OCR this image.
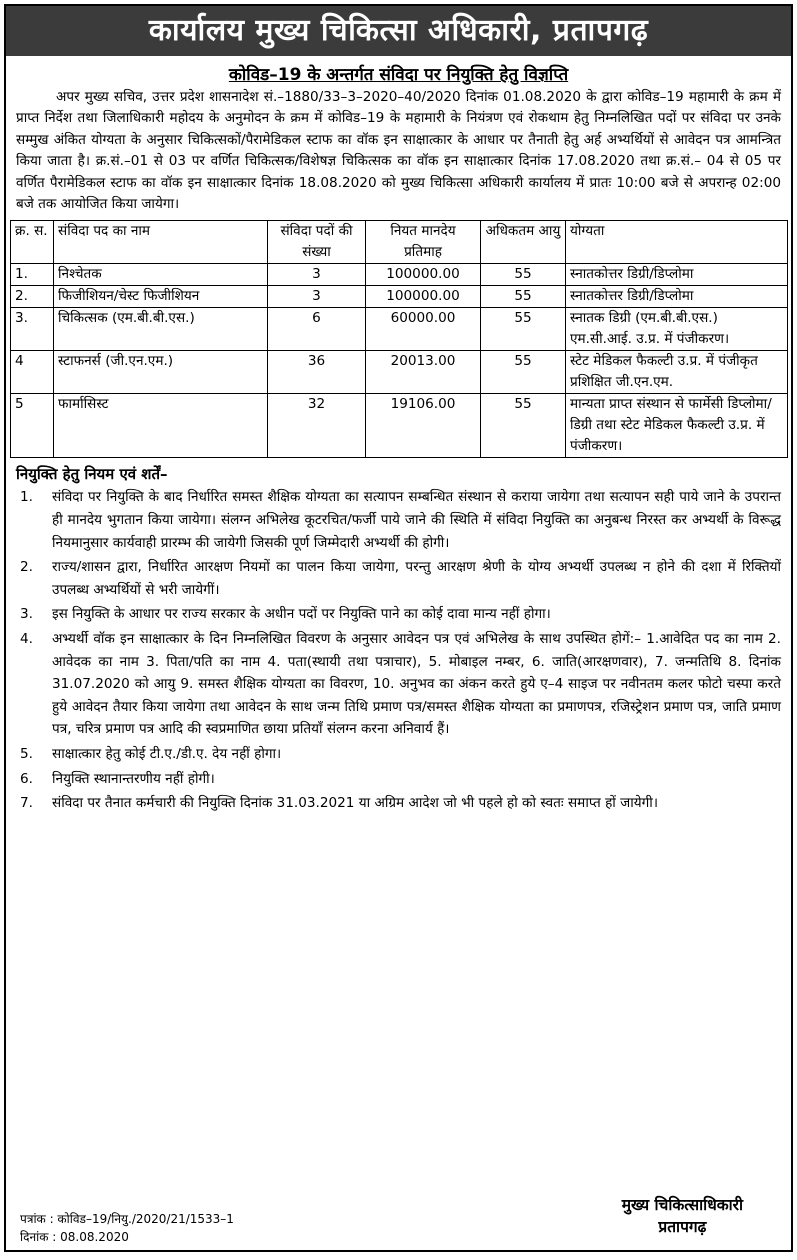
कार्यालय मुख्य चिकित्सा अधिकारी, प्रतापगढ़
कोविड–19 के अन्तर्गत संविदा पर नियुक्ति हेतु विज्ञप्ति
अपर मुख्य सचिव, उत्तर प्रदेश शासनादेश सं.–1880/33–3–2020–40/2020 दिनांक 01.08.2020 के द्वारा कोविड–19 महामारी के क्रम में प्राप्त निर्देश तथा जिलाधिकारी महोदय के अनुमोदन के क्रम में कोविड–19 के महामारी के नियंत्रण एवं रोकथाम हेतु निम्नलिखित पदों पर संविदा पर उनके सम्मुख अंकित योग्यता के अनुसार चिकित्सकों/पैरामेडिकल स्टाफ का वॉक इन साक्षात्कार के आधार पर तैनाती हेतु अर्ह अभ्यर्थियों से आवेदन पत्र आमन्त्रित किया जाता है। क्र.सं.–01 से 03 पर वर्णित चिकित्सक/विशेषज्ञ चिकित्सक का वॉक इन साक्षात्कार दिनांक 17.08.2020 तथा क्र.सं.– 04 से 05 पर वर्णित पैरामेडिकल स्टाफ का वॉक इन साक्षात्कार दिनांक 18.08.2020 को मुख्य चिकित्सा अधिकारी कार्यालय में प्रातः 10:00 बजे से अपरान्ह 02:00 बजे तक आयोजित किया जायेगा।
क्र. स.	संविदा पद का नाम	संविदा पदों की संख्या	नियत मानदेय प्रतिमाह	अधिकतम आयु	योग्यता
1.	निश्चेतक	3	100000.00	55	स्नातकोत्तर डिग्री/डिप्लोमा
2.	फिजीशियन/चेस्ट फिजीशियन	3	100000.00	55	स्नातकोत्तर डिग्री/डिप्लोमा
3.	चिकित्सक (एम.बी.बी.एस.)	6	60000.00	55	स्नातक डिग्री (एम.बी.बी.एस.) एम.सी.आई. उ.प्र. में पंजीकरण।
4	स्टाफनर्स (जी.एन.एम.)	36	20013.00	55	स्टेट मेडिकल फैकल्टी उ.प्र. में पंजीकृत प्रशिक्षित जी.एन.एम.
5	फार्मासिस्ट	32	19106.00	55	मान्यता प्राप्त संस्थान से फार्मेसी डिप्लोमा/डिग्री तथा स्टेट मेडिकल फैकल्टी उ.प्र. में पंजीकरण।
नियुक्ति हेतु नियम एवं शर्तें–
1.	संविदा पर नियुक्ति के बाद निर्धारित समस्त शैक्षिक योग्यता का सत्यापन सम्बन्धित संस्थान से कराया जायेगा तथा सत्यापन सही पाये जाने के उपरान्त ही मानदेय भुगतान किया जायेगा। संलग्न अभिलेख कूटरचित/फर्जी पाये जाने की स्थिति में संविदा नियुक्ति का अनुबन्ध निरस्त कर अभ्यर्थी के विरूद्ध नियमानुसार कार्यवाही प्रारम्भ की जायेगी जिसकी पूर्ण जिम्मेदारी अभ्यर्थी की होगी।
2.	राज्य/शासन द्वारा, निर्धारित आरक्षण नियमों का पालन किया जायेगा, परन्तु आरक्षण श्रेणी के योग्य अभ्यर्थी उपलब्ध न होने की दशा में रिक्तियों उपलब्ध अभ्यर्थियों से भरी जायेगीं।
3.	इस नियुक्ति के आधार पर राज्य सरकार के अधीन पदों पर नियुक्ति पाने का कोई दावा मान्य नहीं होगा।
4.	अभ्यर्थी वॉक इन साक्षात्कार के दिन निम्नलिखित विवरण के अनुसार आवेदन पत्र एवं अभिलेख के साथ उपस्थित होगें:– 1.आवेदित पद का नाम 2. आवेदक का नाम 3. पिता/पति का नाम 4. पता(स्थायी तथा पत्राचार), 5. मोबाइल नम्बर, 6. जाति(आरक्षणवार), 7. जन्मतिथि 8. दिनांक 31.07.2020 को आयु 9. समस्त शैक्षिक योग्यता का विवरण, 10. अनुभव का अंकन करते हुये ए–4 साइज पर नवीनतम कलर फोटो चस्पा करते हुये आवेदन तैयार किया जायेगा तथा आवेदन के साथ जन्म तिथि प्रमाण पत्र/समस्त शैक्षिक योग्यता का प्रमाणपत्र, रजिस्ट्रेशन प्रमाण पत्र, जाति प्रमाण पत्र, चरित्र प्रमाण पत्र आदि की स्वप्रमाणित छाया प्रतियाँ संलग्न करना अनिवार्य हैं।
5.	साक्षात्कार हेतु कोई टी.ए./डी.ए. देय नहीं होगा।
6.	नियुक्ति स्थानान्तरणीय नहीं होगी।
7.	संविदा पर तैनात कर्मचारी की नियुक्ति दिनांक 31.03.2021 या अग्रिम आदेश जो भी पहले हो को स्वतः समाप्त हों जायेगी।
पत्रांक : कोविड–19/नियु./2020/21/1533–1
दिनांक : 08.08.2020
मुख्य चिकित्साधिकारी
प्रतापगढ़
